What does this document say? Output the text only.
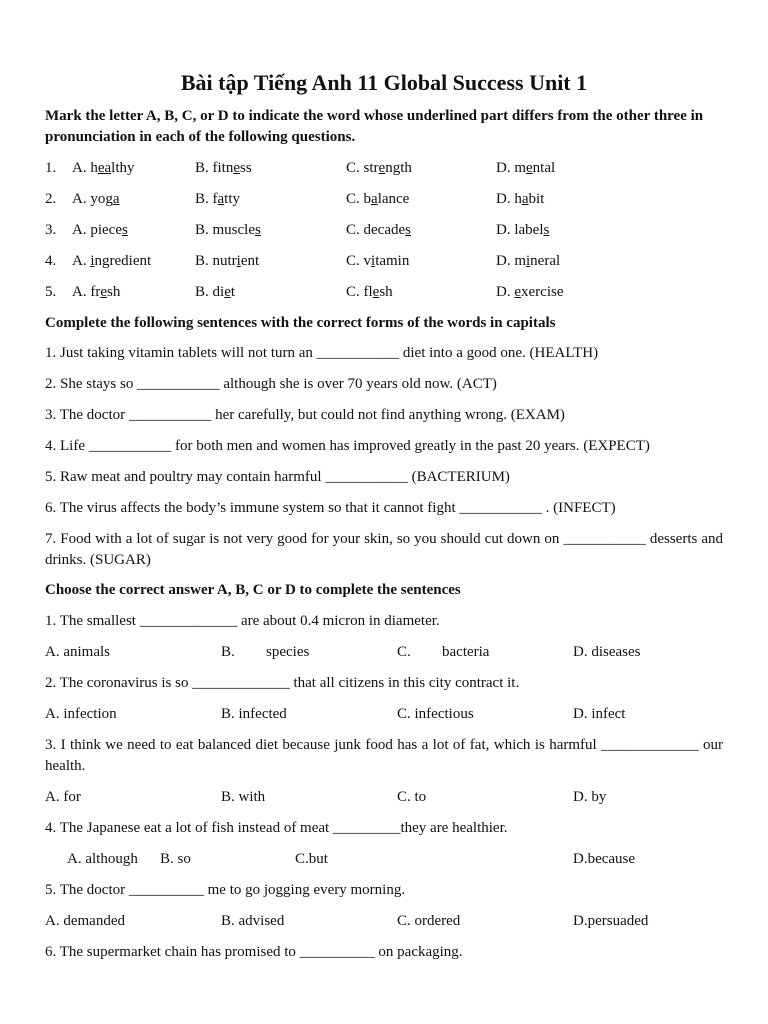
Bài tập Tiếng Anh 11 Global Success Unit 1
Mark the letter A, B, C, or D to indicate the word whose underlined part differs from the other three in pronunciation in each of the following questions.
1. A. healthy	B. fitness	C. strength	D. mental
2. A. yoga	B. fatty	C. balance	D. habit
3. A. pieces	B. muscles	C. decades	D. labels
4. A. ingredient	B. nutrient	C. vitamin	D. mineral
5. A. fresh	B. diet	C. flesh	D. exercise
Complete the following sentences with the correct forms of the words in capitals
1. Just taking vitamin tablets will not turn an ___________ diet into a good one. (HEALTH)
2. She stays so ___________ although she is over 70 years old now. (ACT)
3. The doctor ___________ her carefully, but could not find anything wrong. (EXAM)
4. Life ___________ for both men and women has improved greatly in the past 20 years. (EXPECT)
5. Raw meat and poultry may contain harmful ___________ (BACTERIUM)
6. The virus affects the body’s immune system so that it cannot fight ___________ . (INFECT)
7. Food with a lot of sugar is not very good for your skin, so you should cut down on ___________ desserts and drinks. (SUGAR)
Choose the correct answer A, B, C or D to complete the sentences
1. The smallest _____________ are about 0.4 micron in diameter.
A. animals	B. species	C. bacteria	D. diseases
2. The coronavirus is so _____________ that all citizens in this city contract it.
A. infection	B. infected	C. infectious	D. infect
3. I think we need to eat balanced diet because junk food has a lot of fat, which is harmful _____________ our health.
A. for	B. with	C. to	D. by
4. The Japanese eat a lot of fish instead of meat _________they are healthier.
A. although B. so	C.but	D.because
5. The doctor __________ me to go jogging every morning.
A. demanded	B. advised	C. ordered	D.persuaded
6. The supermarket chain has promised to __________ on packaging.
